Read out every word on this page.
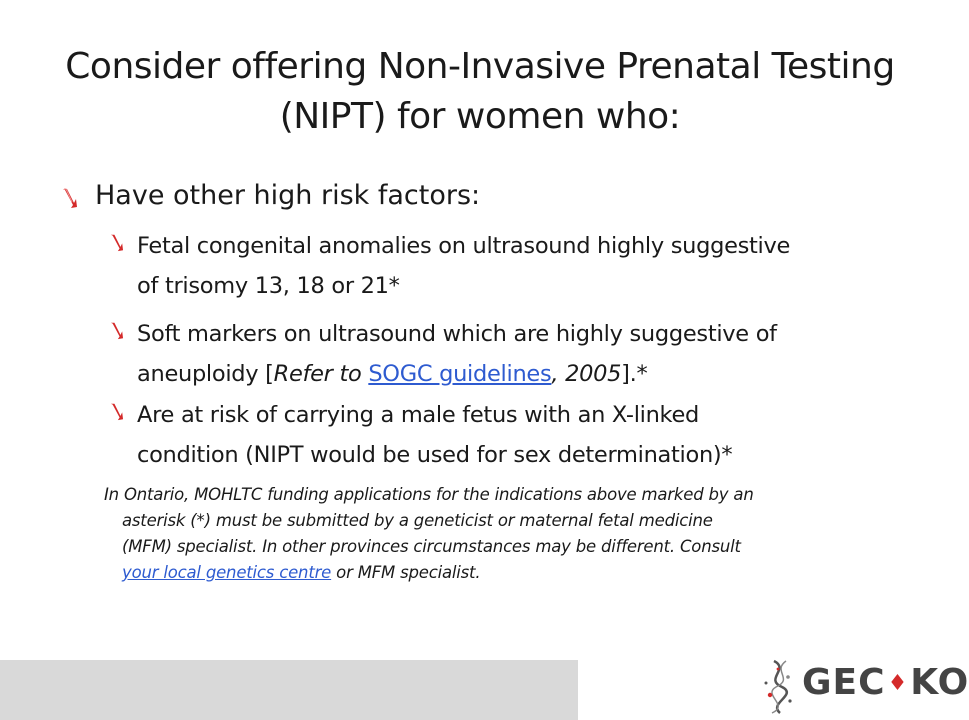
Consider offering Non-Invasive Prenatal Testing
(NIPT) for women who:
Have other high risk factors:
Fetal congenital anomalies on ultrasound highly suggestive
of trisomy 13, 18 or 21*
Soft markers on ultrasound which are highly suggestive of
aneuploidy [Refer to SOGC guidelines, 2005].*
Are at risk of carrying a male fetus with an X-linked
condition (NIPT would be used for sex determination)*
In Ontario, MOHLTC funding applications for the indications above marked by an
asterisk (*) must be submitted by a geneticist or maternal fetal medicine
(MFM) specialist. In other provinces circumstances may be different. Consult
your local genetics centre or MFM specialist.
GEC♦KO
